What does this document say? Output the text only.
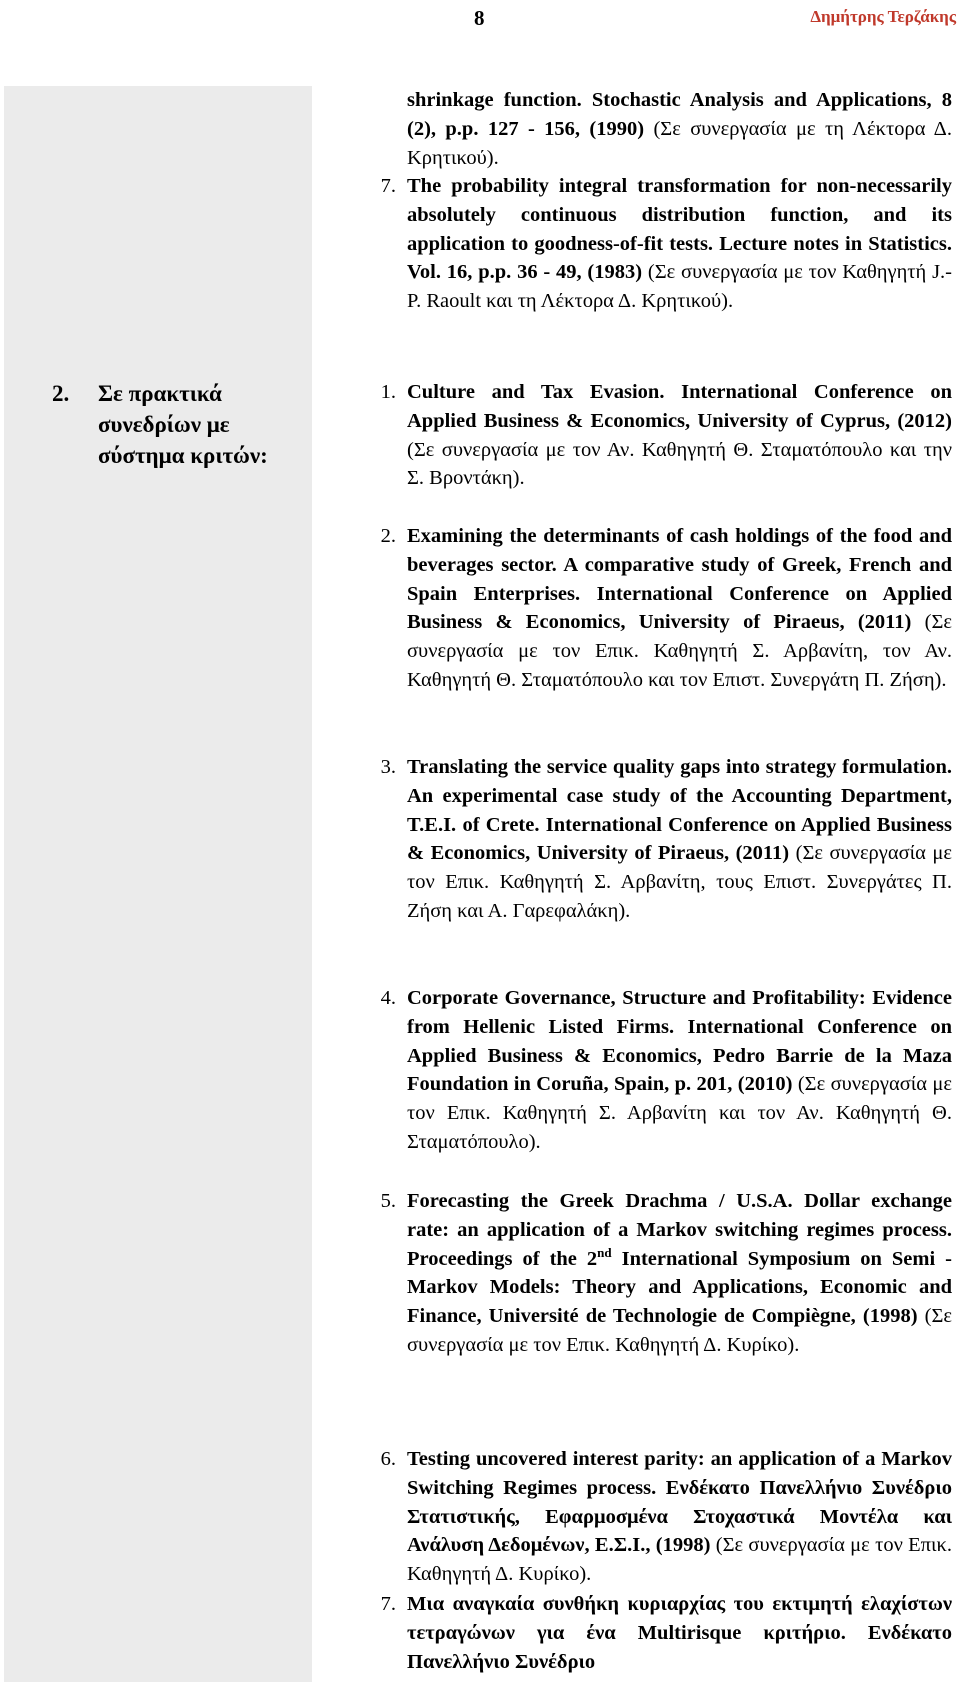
8	Δημήτρης Τερζάκης
2. Σε πρακτικά συνεδρίων με σύστημα κριτών:
shrinkage function. Stochastic Analysis and Applications, 8 (2), p.p. 127 - 156, (1990) (Σε συνεργασία με τη Λέκτορα Δ. Κρητικού).
7. The probability integral transformation for non-necessarily absolutely continuous distribution function, and its application to goodness-of-fit tests. Lecture notes in Statistics. Vol. 16, p.p. 36 - 49, (1983) (Σε συνεργασία με τον Καθηγητή J.-P. Raoult και τη Λέκτορα Δ. Κρητικού).
1. Culture and Tax Evasion. International Conference on Applied Business & Economics, University of Cyprus, (2012) (Σε συνεργασία με τον Αν. Καθηγητή Θ. Σταματόπουλο και την Σ. Βροντάκη).
2. Examining the determinants of cash holdings of the food and beverages sector. A comparative study of Greek, French and Spain Enterprises. International Conference on Applied Business & Economics, University of Piraeus, (2011) (Σε συνεργασία με τον Επικ. Καθηγητή Σ. Αρβανίτη, τον Αν. Καθηγητή Θ. Σταματόπουλο και τον Επιστ. Συνεργάτη Π. Ζήση).
3. Translating the service quality gaps into strategy formulation. An experimental case study of the Accounting Department, T.E.I. of Crete. International Conference on Applied Business & Economics, University of Piraeus, (2011) (Σε συνεργασία με τον Επικ. Καθηγητή Σ. Αρβανίτη, τους Επιστ. Συνεργάτες Π. Ζήση και Α. Γαρεφαλάκη).
4. Corporate Governance, Structure and Profitability: Evidence from Hellenic Listed Firms. International Conference on Applied Business & Economics, Pedro Barrie de la Maza Foundation in Coruña, Spain, p. 201, (2010) (Σε συνεργασία με τον Επικ. Καθηγητή Σ. Αρβανίτη και τον Αν. Καθηγητή Θ. Σταματόπουλο).
5. Forecasting the Greek Drachma / U.S.A. Dollar exchange rate: an application of a Markov switching regimes process. Proceedings of the 2nd International Symposium on Semi - Markov Models: Theory and Applications, Economic and Finance, Université de Technologie de Compiègne, (1998) (Σε συνεργασία με τον Επικ. Καθηγητή Δ. Κυρίκο).
6. Testing uncovered interest parity: an application of a Markov Switching Regimes process. Ενδέκατο Πανελλήνιο Συνέδριο Στατιστικής, Εφαρμοσμένα Στοχαστικά Μοντέλα και Ανάλυση Δεδομένων, Ε.Σ.Ι., (1998) (Σε συνεργασία με τον Επικ. Καθηγητή Δ. Κυρίκο).
7. Μια αναγκαία συνθήκη κυριαρχίας του εκτιμητή ελαχίστων τετραγώνων για ένα Multirisque κριτήριο. Ενδέκατο Πανελλήνιο Συνέδριο
